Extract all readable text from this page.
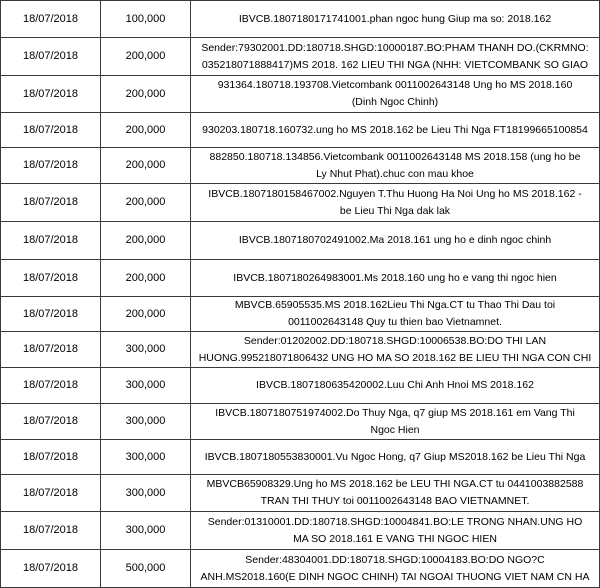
18/07/2018	100,000	IBVCB.1807180171741001.phan ngoc hung Giup ma so: 2018.162
18/07/2018	200,000
Sender:79302001.DD:180718.SHGD:10000187.BO:PHAM THANH DO.(CKRMNO:
035218071888417)MS 2018. 162 LIEU THI NGA (NHH: VIETCOMBANK SO GIAO
18/07/2018	200,000
931364.180718.193708.Vietcombank 0011002643148 Ung ho MS 2018.160
(Dinh Ngoc Chinh)
18/07/2018	200,000	930203.180718.160732.ung ho MS 2018.162 be Lieu Thi Nga FT18199665100854
18/07/2018	200,000
882850.180718.134856.Vietcombank 0011002643148 MS 2018.158 (ung ho be
Ly Nhut Phat).chuc con mau khoe
18/07/2018	200,000
IBVCB.1807180158467002.Nguyen T.Thu Huong Ha Noi Ung ho MS 2018.162 -
be Lieu Thi Nga dak lak
18/07/2018	200,000	IBVCB.1807180702491002.Ma 2018.161 ung ho e dinh ngoc chinh
18/07/2018	200,000	IBVCB.1807180264983001.Ms 2018.160 ung ho e vang thi ngoc hien
18/07/2018	200,000
MBVCB.65905535.MS 2018.162Lieu Thi Nga.CT tu Thao Thi Dau toi
0011002643148 Quy tu thien bao Vietnamnet.
18/07/2018	300,000
Sender:01202002.DD:180718.SHGD:10006538.BO:DO THI LAN
HUONG.995218071806432 UNG HO MA SO 2018.162 BE LIEU THI NGA CON CHI
18/07/2018	300,000	IBVCB.1807180635420002.Luu Chi Anh Hnoi MS 2018.162
18/07/2018	300,000
IBVCB.1807180751974002.Do Thuy Nga, q7 giup MS 2018.161 em Vang Thi
Ngoc Hien
18/07/2018	300,000	IBVCB.1807180553830001.Vu Ngoc Hong, q7 Giup MS2018.162 be Lieu Thi Nga
18/07/2018	300,000
MBVCB65908329.Ung ho MS 2018.162 be LEU THI NGA.CT tu 0441003882588
TRAN THI THUY toi 0011002643148 BAO VIETNAMNET.
18/07/2018	300,000
Sender:01310001.DD:180718.SHGD:10004841.BO:LE TRONG NHAN.UNG HO
MA SO 2018.161 E VANG THI NGOC HIEN
18/07/2018	500,000
Sender:48304001.DD:180718.SHGD:10004183.BO:DO NGO?C
ANH.MS2018.160(E DINH NGOC CHINH) TAI NGOAI THUONG VIET NAM CN HA
